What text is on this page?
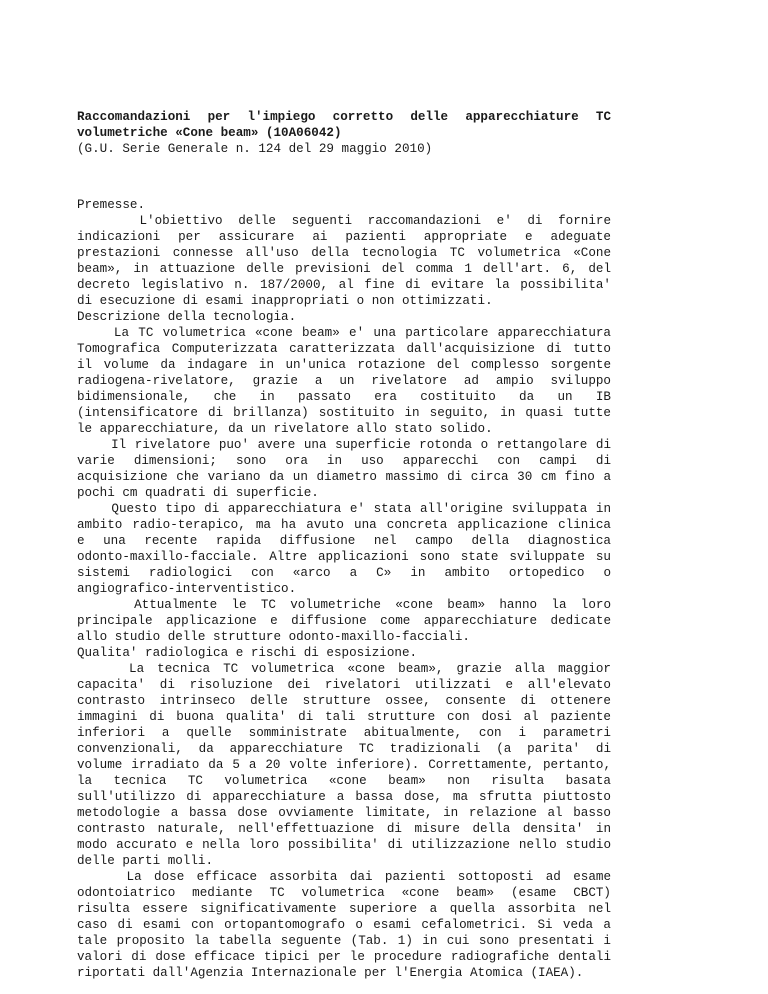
Raccomandazioni per l'impiego corretto delle apparecchiature TC
volumetriche «Cone beam» (10A06042)
(G.U. Serie Generale n. 124 del 29 maggio 2010)
Premesse.
L'obiettivo delle seguenti raccomandazioni e' di fornire
indicazioni per assicurare ai pazienti appropriate e adeguate
prestazioni connesse all'uso della tecnologia TC volumetrica «Cone
beam», in attuazione delle previsioni del comma 1 dell'art. 6, del
decreto legislativo n. 187/2000, al fine di evitare la possibilita'
di esecuzione di esami inappropriati o non ottimizzati.
Descrizione della tecnologia.
La TC volumetrica «cone beam» e' una particolare apparecchiatura
Tomografica Computerizzata caratterizzata dall'acquisizione di tutto
il volume da indagare in un'unica rotazione del complesso sorgente
radiogena-rivelatore, grazie a un rivelatore ad ampio sviluppo
bidimensionale, che in passato era costituito da un IB
(intensificatore di brillanza) sostituito in seguito, in quasi tutte
le apparecchiature, da un rivelatore allo stato solido.
Il rivelatore puo' avere una superficie rotonda o rettangolare di
varie dimensioni; sono ora in uso apparecchi con campi di
acquisizione che variano da un diametro massimo di circa 30 cm fino a
pochi cm quadrati di superficie.
Questo tipo di apparecchiatura e' stata all'origine sviluppata in
ambito radio-terapico, ma ha avuto una concreta applicazione clinica
e una recente rapida diffusione nel campo della diagnostica
odonto-maxillo-facciale. Altre applicazioni sono state sviluppate su
sistemi radiologici con «arco a C» in ambito ortopedico o
angiografico-interventistico.
Attualmente le TC volumetriche «cone beam» hanno la loro
principale applicazione e diffusione come apparecchiature dedicate
allo studio delle strutture odonto-maxillo-facciali.
Qualita' radiologica e rischi di esposizione.
La tecnica TC volumetrica «cone beam», grazie alla maggior
capacita' di risoluzione dei rivelatori utilizzati e all'elevato
contrasto intrinseco delle strutture ossee, consente di ottenere
immagini di buona qualita' di tali strutture con dosi al paziente
inferiori a quelle somministrate abitualmente, con i parametri
convenzionali, da apparecchiature TC tradizionali (a parita' di
volume irradiato da 5 a 20 volte inferiore). Correttamente, pertanto,
la tecnica TC volumetrica «cone beam» non risulta basata
sull'utilizzo di apparecchiature a bassa dose, ma sfrutta piuttosto
metodologie a bassa dose ovviamente limitate, in relazione al basso
contrasto naturale, nell'effettuazione di misure della densita' in
modo accurato e nella loro possibilita' di utilizzazione nello studio
delle parti molli.
La dose efficace assorbita dai pazienti sottoposti ad esame
odontoiatrico mediante TC volumetrica «cone beam» (esame CBCT)
risulta essere significativamente superiore a quella assorbita nel
caso di esami con ortopantomografo o esami cefalometrici. Si veda a
tale proposito la tabella seguente (Tab. 1) in cui sono presentati i
valori di dose efficace tipici per le procedure radiografiche dentali
riportati dall'Agenzia Internazionale per l'Energia Atomica (IAEA).
